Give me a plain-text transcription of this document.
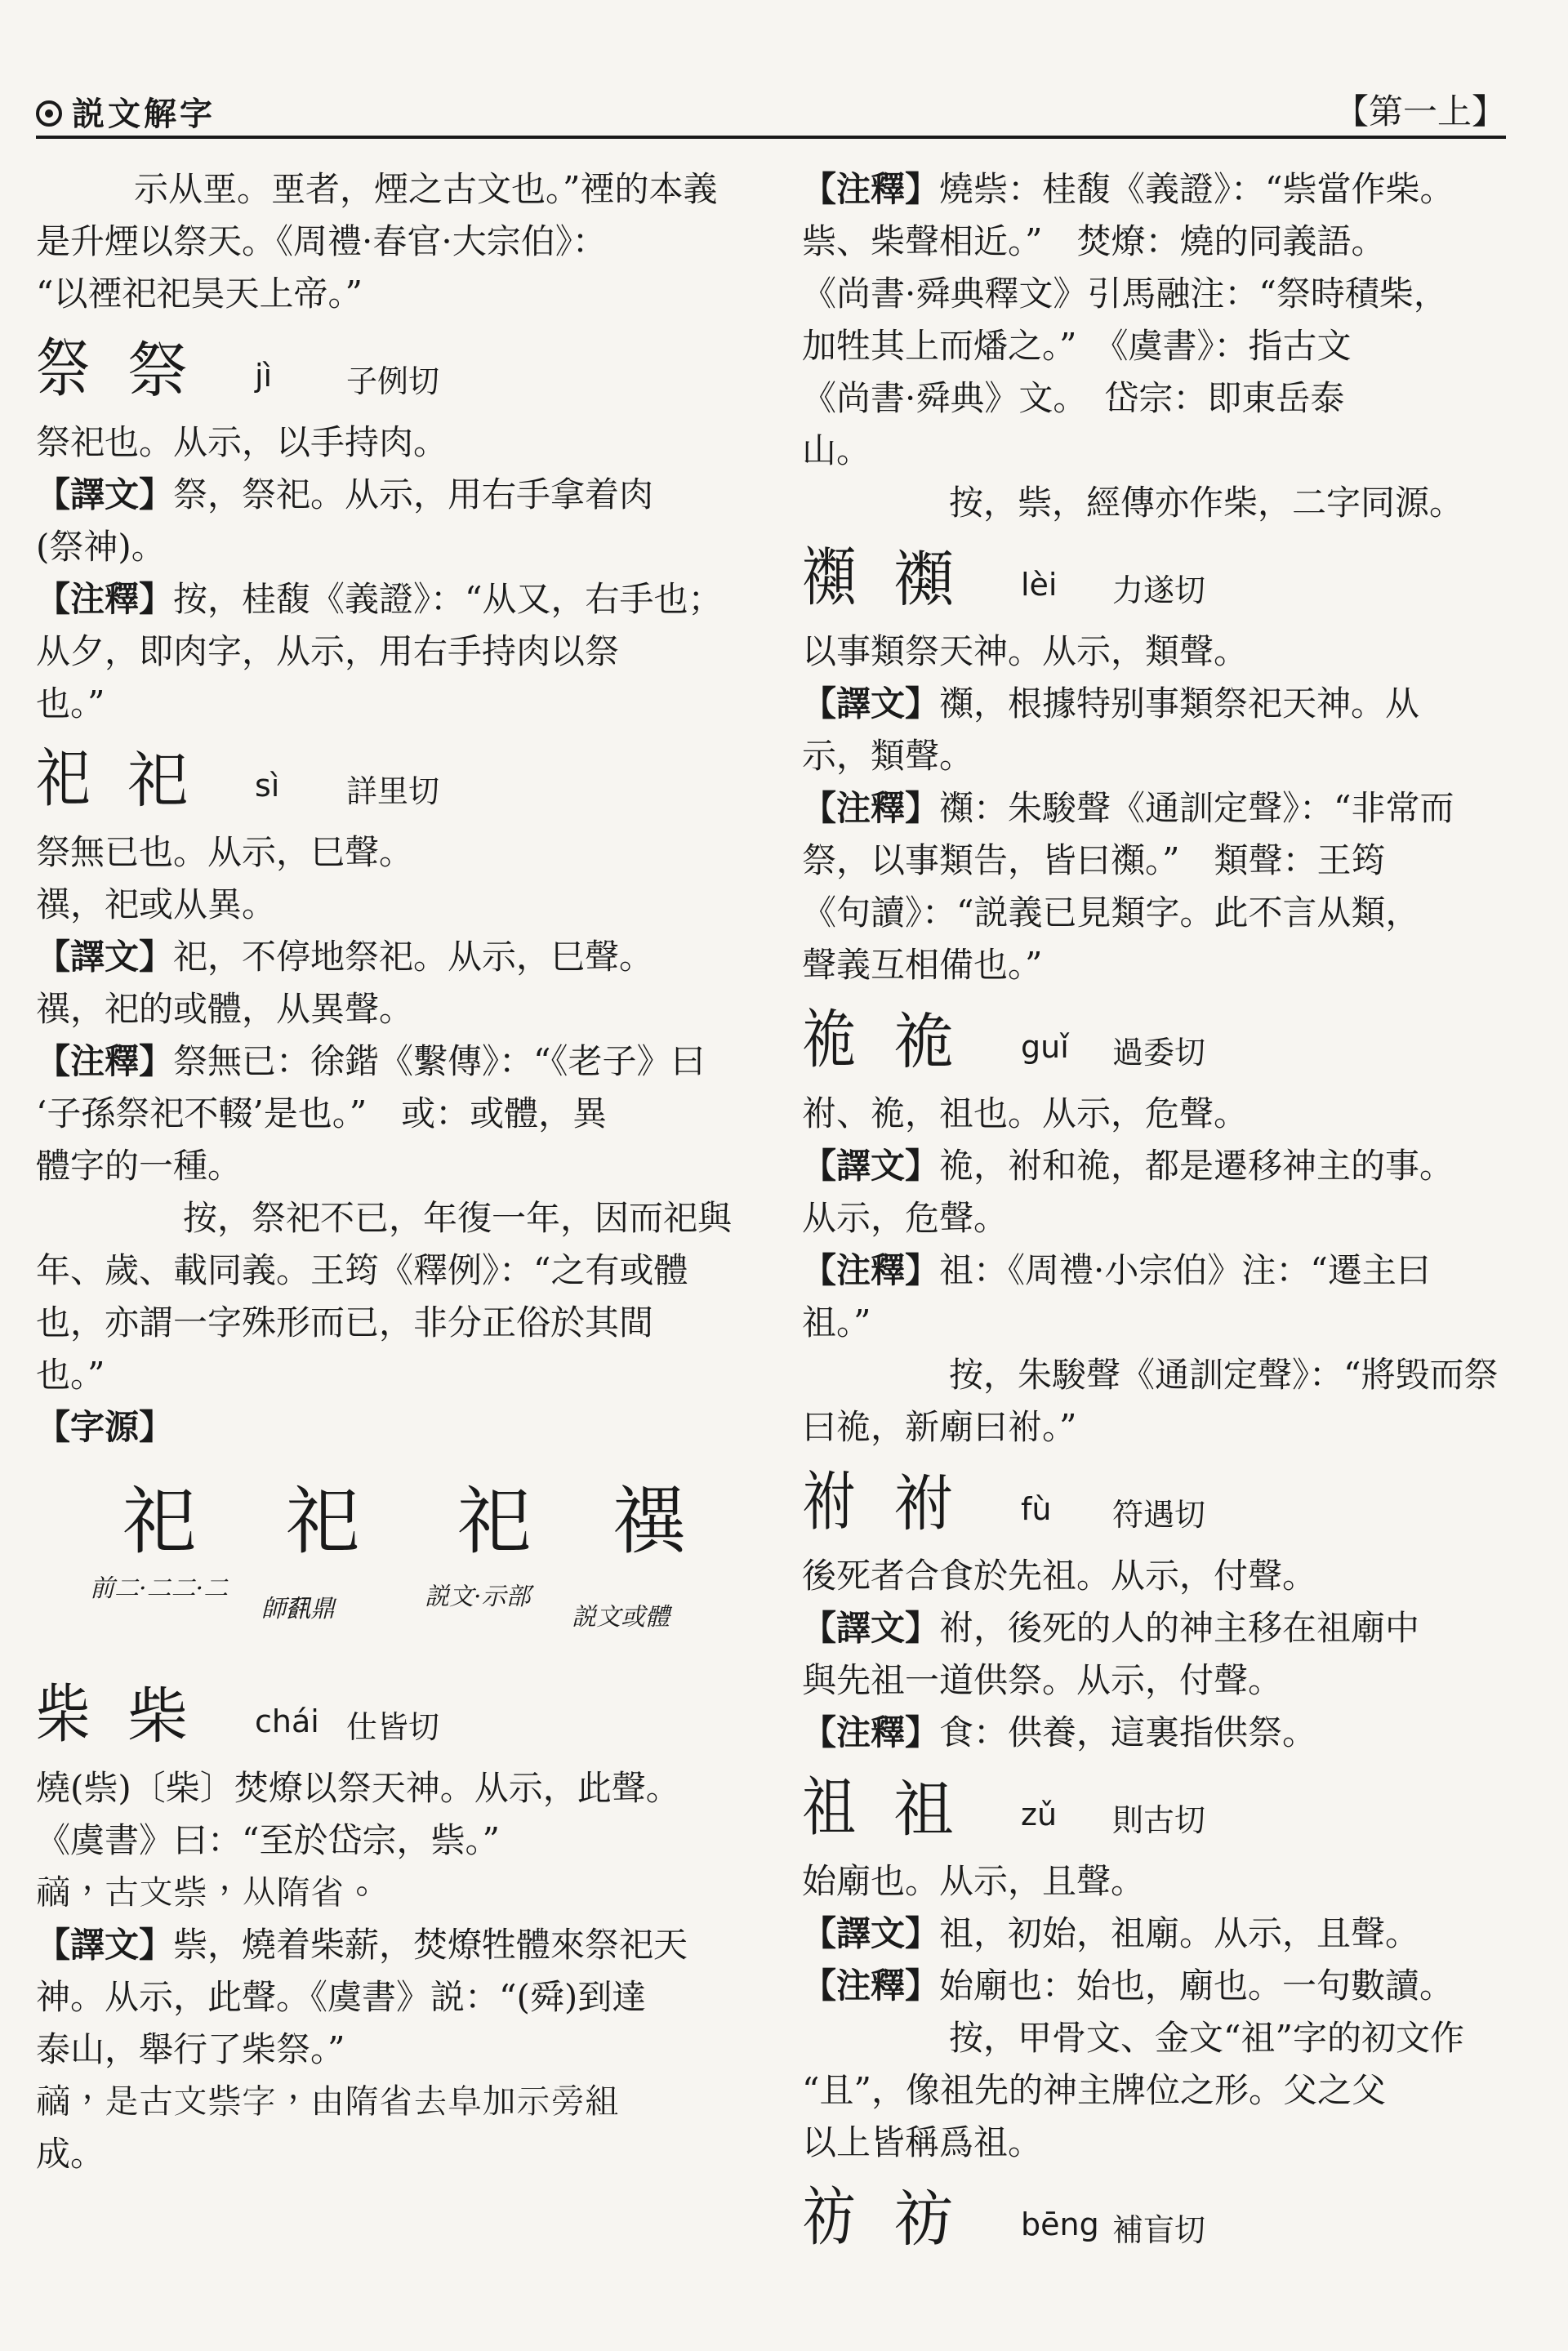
説文解字	【第一上】
示从垔。垔者，煙之古文也。”禋的本義
是升煙以祭天。《周禮·春官·大宗伯》：
“以禋祀祀昊天上帝。”
祭 祭 jì 子例切
祭祀也。从示，以手持肉。
【譯文】祭，祭祀。从示，用右手拿着肉
(祭神)。
【注釋】按，桂馥《義證》：“从又，右手也；
从夕，即肉字，从示，用右手持肉以祭
也。”
祀 祀 sì 詳里切
祭無已也。从示，巳聲。
禩，祀或从異。
【譯文】祀，不停地祭祀。从示，巳聲。
禩，祀的或體，从異聲。
【注釋】祭無已：徐鍇《繫傳》：“《老子》曰
‘子孫祭祀不輟’是也。”　或：或體，異
體字的一種。
按，祭祀不已，年復一年，因而祀與
年、歲、載同義。王筠《釋例》：“之有或體
也，亦謂一字殊形而已，非分正俗於其間
也。”
【字源】
祀
前二·二二·二
祀
師𩛥鼎
祀
説文·示部
禩
説文或體
柴 柴 chái 仕皆切
燒(祡)〔柴〕焚燎以祭天神。从示，此聲。
《虞書》曰：“至於岱宗，祡。”
𥛚，古文祡，从隋省。
【譯文】祡，燒着柴薪，焚燎牲體來祭祀天
神。从示，此聲。《虞書》説：“(舜)到達
泰山，舉行了柴祭。”
𥛚，是古文祡字，由隋省去阜加示旁組
成。
【注釋】燒祡：桂馥《義證》：“祡當作柴。
祡、柴聲相近。”　焚燎：燒的同義語。
《尚書·舜典釋文》引馬融注：“祭時積柴，
加牲其上而燔之。”　《虞書》：指古文
《尚書·舜典》文。　岱宗：即東岳泰
山。
按，祡，經傳亦作柴，二字同源。
禷 禷 lèi 力遂切
以事類祭天神。从示，類聲。
【譯文】禷，根據特别事類祭祀天神。从
示，類聲。
【注釋】禷：朱駿聲《通訓定聲》：“非常而
祭，以事類告，皆曰禷。”　類聲：王筠
《句讀》：“説義已見類字。此不言从類，
聲義互相備也。”
祪 祪 guǐ 過委切
祔、祪，祖也。从示，危聲。
【譯文】祪，祔和祪，都是遷移神主的事。
从示，危聲。
【注釋】祖：《周禮·小宗伯》注：“遷主曰
祖。”
按，朱駿聲《通訓定聲》：“將毁而祭
曰祪，新廟曰祔。”
祔 祔 fù 符遇切
後死者合食於先祖。从示，付聲。
【譯文】祔，後死的人的神主移在祖廟中
與先祖一道供祭。从示，付聲。
【注釋】食：供養，這裏指供祭。
祖 祖 zǔ 則古切
始廟也。从示，且聲。
【譯文】祖，初始，祖廟。从示，且聲。
【注釋】始廟也：始也，廟也。一句數讀。
按，甲骨文、金文“祖”字的初文作
“且”，像祖先的神主牌位之形。父之父
以上皆稱爲祖。
祊 祊 bēng 補盲切
